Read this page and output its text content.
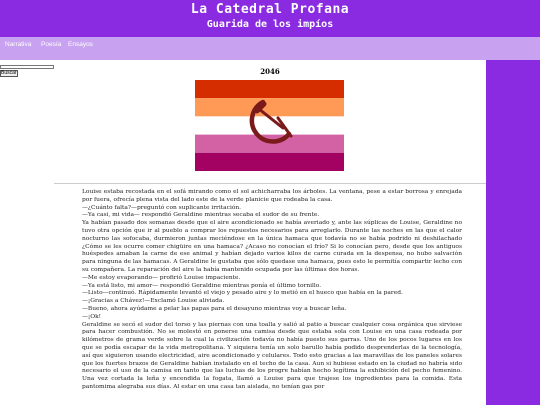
La Catedral Profana
Guarida de los impíos
Narrativa Poesía Ensayos
Buscar	2046

Louise estaba recostada en el sofá mirando como el sol achicharraba los árboles. La ventana, pese a estar borrosa y enrejada por fuera, ofrecía plena vista del lado este de la verde planicie que rodeaba la casa.

—¿Cuánto falta?—preguntó con suplicante irritación.

—Ya casi, mi vida— respondió Geraldine mientras secaba el sudor de su frente.

Ya habían pasado dos semanas desde que el aire acondicionado se había averiado y, ante las súplicas de Louise, Geraldine no tuvo otra opción que ir al pueblo a comprar los repuestos necesarios para arreglarlo. Durante las noches en las que el calor nocturno las sofocaba, durmieron juntas meciéndose en la única hamaca que todavía no se había podrido ni deshilachado ¿Cómo se les ocurre comer chigüire en una hamaca? ¿Acaso no conocían el frío? Si lo conocían pero, desde que los antiguos huéspedes amaban la carne de ese animal y habían dejado varios kilos de carne curada en la despensa, no hubo salvación para ninguna de las hamacas. A Geraldine le gustaba que sólo quedase una hamaca, pues esto le permitía compartir lecho con su compañera. La reparación del aire la había mantenido ocupada por las últimas dos horas.

—Me estoy evaporando— profirió Louise impaciente.

—Ya está listo, mi amor— respondió Geraldine mientras ponía el último tornillo.

—Listo—continuó. Rápidamente levantó el viejo y pesado aire y lo metió en el hueco que había en la pared.

—¡Gracias a Chávez!—Exclamó Louise aliviada.

—Bueno, ahora ayúdame a pelar las papas para el desayuno mientras voy a buscar leña.

—¡Ok!

Geraldine se secó el sudor del torso y las piernas con una toalla y salió al patio a buscar cualquier cosa orgánica que sirviese para hacer combustión. No se molestó en ponerse una camisa desde que estaba sola con Louise en una casa rodeada por kilómetros de grama verde sobre la cual la civilización todavía no había puesto sus garras. Uno de los pocos lugares en los que se podía escapar de la vida metropolitana. Y siquiera tenía un solo barullo había podido desprenderlas de la tecnología, así que siguieron usando electricidad, aire acondicionado y celulares. Todo esto gracias a las maravillas de los paneles solares que los fuertes brazos de Geraldine habían instalado en el techo de la casa. Aun si hubiese estado en la ciudad no habría sido necesario el uso de la camisa en tanto que las luchas de los progre habían hecho legítima la exhibición del pecho femenino. Una vez cortada la leña y encendida la fogata, llamó a Louise para que trajese los ingredientes para la comida. Esta pantomima alegraba sus días. Al estar en una casa tan aislada, no tenían gas por
